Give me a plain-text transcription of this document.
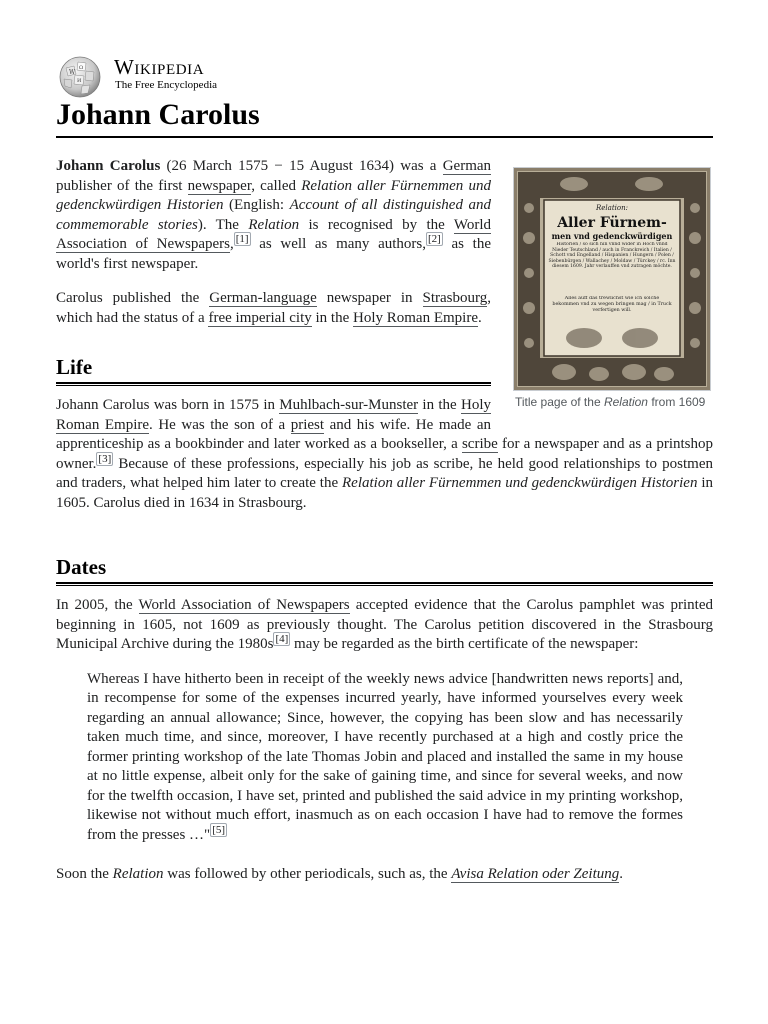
W
Ω
И
Wikipedia
The Free Encyclopedia
Johann Carolus
Relation:
Aller Fürnem-
men vnd gedenckwürdigen
Historien / so sich hin vnnd wider in Hoch vnnd Nieder Teutschland / auch in Franckreich / Italien / Schott vnd Engelland / Hispanien / Hungern / Polen / Siebenbürgen / Wallachey / Moldaw / Türckey / rc. Inn diesem 1609. Jahr verlauffen vnd zutragen möchte.
Alles auff das trewlichst wie ich solche bekommen vnd zu wegen bringen mag / in Truck verfertigen will.
Title page of the Relation from 1609

Johann Carolus (26 March 1575 − 15 August 1634) was a German publisher of the first newspaper, called Relation aller Fürnemmen und gedenckwürdigen Historien (English: Account of all distinguished and commemorable stories). The Relation is recognised by the World Association of Newspapers, [1] as well as many authors, [2] as the world's first newspaper.

Carolus published the German-language newspaper in Strasbourg, which had the status of a free imperial city in the Holy Roman Empire.

Life

Johann Carolus was born in 1575 in Muhlbach-sur-Munster in the Holy Roman Empire. He was the son of a priest and his wife. He made an apprenticeship as a bookbinder and later worked as a bookseller, a scribe for a newspaper and as a printshop owner. [3] Because of these professions, especially his job as scribe, he held good relationships to postmen and traders, what helped him later to create the Relation aller Fürnemmen und gedenckwürdigen Historien in 1605. Carolus died in 1634 in Strasbourg.

Dates

In 2005, the World Association of Newspapers accepted evidence that the Carolus pamphlet was printed beginning in 1605, not 1609 as previously thought. The Carolus petition discovered in the Strasbourg Municipal Archive during the 1980s [4] may be regarded as the birth certificate of the newspaper:

Whereas I have hitherto been in receipt of the weekly news advice [handwritten news reports] and, in recompense for some of the expenses incurred yearly, have informed yourselves every week regarding an annual allowance; Since, however, the copying has been slow and has necessarily taken much time, and since, moreover, I have recently purchased at a high and costly price the former printing workshop of the late Thomas Jobin and placed and installed the same in my house at no little expense, albeit only for the sake of gaining time, and since for several weeks, and now for the twelfth occasion, I have set, printed and published the said advice in my printing workshop, likewise not without much effort, inasmuch as on each occasion I have had to remove the formes from the presses …" [5]

Soon the Relation was followed by other periodicals, such as, the Avisa Relation oder Zeitung.
